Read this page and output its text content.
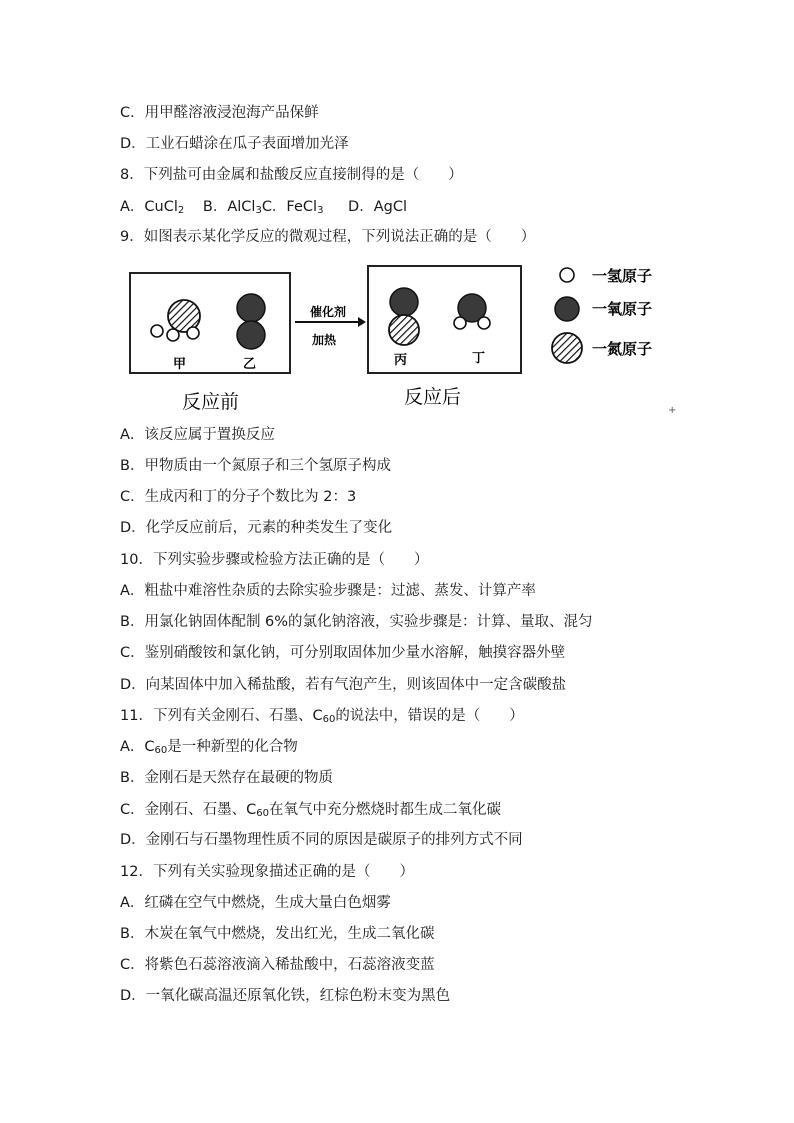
C．用甲醛溶液浸泡海产品保鲜
D．工业石蜡涂在瓜子表面增加光泽
8．下列盐可由金属和盐酸反应直接制得的是（　　）
A．CuCl$_2$ B．AlCl$_3$C．FeCl$_3$ D．AgCl
9．如图表示某化学反应的微观过程，下列说法正确的是（　　）
甲	乙
催化剂
加热
丙	丁
反应前	反应后
一氢原子
一氧原子
一氮原子
+
A．该反应属于置换反应
B．甲物质由一个氮原子和三个氢原子构成
C．生成丙和丁的分子个数比为 2：3
D．化学反应前后，元素的种类发生了变化
10．下列实验步骤或检验方法正确的是（　　）
A．粗盐中难溶性杂质的去除实验步骤是：过滤、蒸发、计算产率
B．用氯化钠固体配制 6%的氯化钠溶液，实验步骤是：计算、量取、混匀
C．鉴别硝酸铵和氯化钠，可分别取固体加少量水溶解，触摸容器外壁
D．向某固体中加入稀盐酸，若有气泡产生，则该固体中一定含碳酸盐
11．下列有关金刚石、石墨、$C_{60}$的说法中，错误的是（　　）
A．$C_{60}$是一种新型的化合物
B．金刚石是天然存在最硬的物质
C．金刚石、石墨、$C_{60}$在氧气中充分燃烧时都生成二氧化碳
D．金刚石与石墨物理性质不同的原因是碳原子的排列方式不同
12．下列有关实验现象描述正确的是（　　）
A．红磷在空气中燃烧，生成大量白色烟雾
B．木炭在氧气中燃烧，发出红光，生成二氧化碳
C．将紫色石蕊溶液滴入稀盐酸中，石蕊溶液变蓝
D．一氧化碳高温还原氧化铁，红棕色粉末变为黑色
